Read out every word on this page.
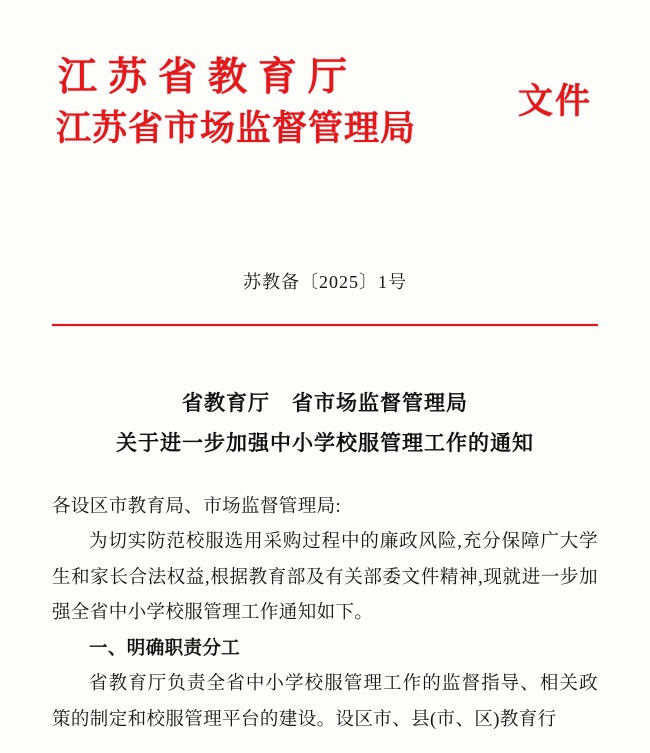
江苏省教育厅
江苏省市场监督管理局
文件
苏教备〔2025〕1号
省教育厅 省市场监督管理局
关于进一步加强中小学校服管理工作的通知

各设区市教育局、市场监督管理局:

为切实防范校服选用采购过程中的廉政风险,充分保障广大学生和家长合法权益,根据教育部及有关部委文件精神,现就进一步加强全省中小学校服管理工作通知如下。

一、明确职责分工

省教育厅负责全省中小学校服管理工作的监督指导、相关政策的制定和校服管理平台的建设。设区市、县(市、区)教育行
